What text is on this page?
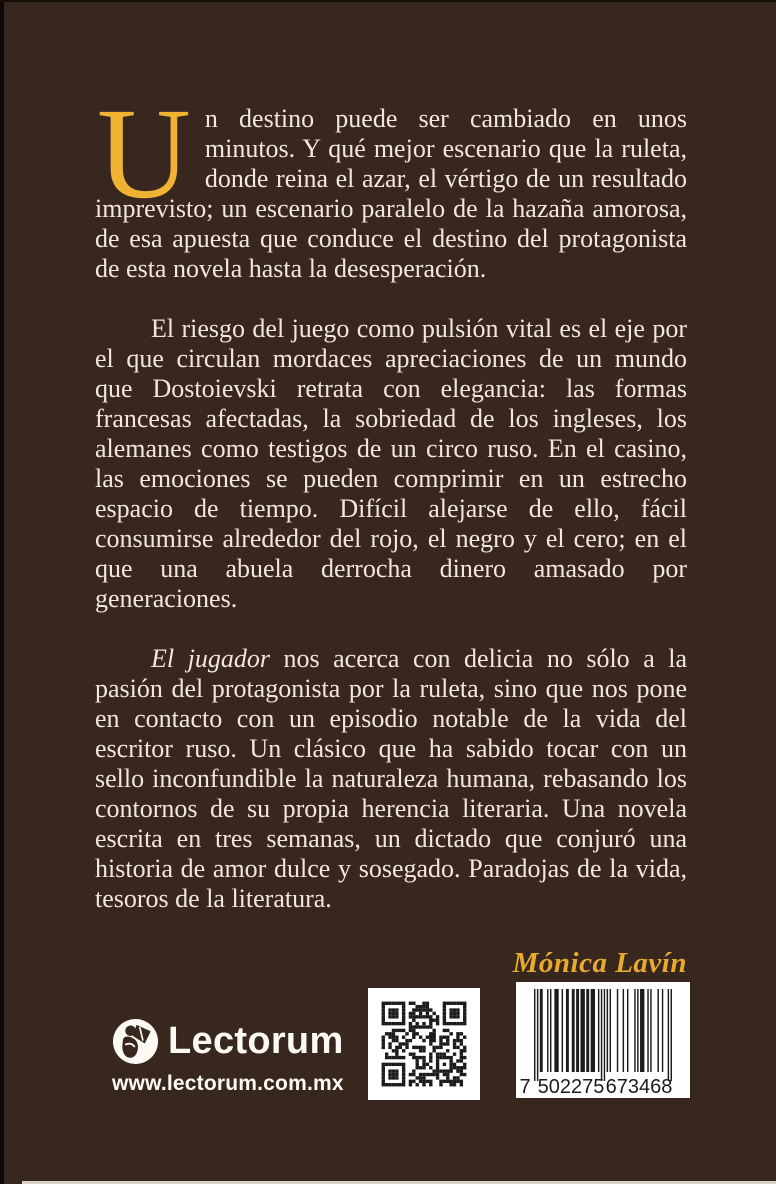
Un destino puede ser cambiado en unos minutos. Y qué mejor escenario que la ruleta, donde reina el azar, el vértigo de un resultado imprevisto; un escenario paralelo de la hazaña amorosa, de esa apuesta que conduce el destino del protagonista de esta novela hasta la desesperación.

El riesgo del juego como pulsión vital es el eje por el que circulan mordaces apreciaciones de un mundo que Dostoievski retrata con elegancia: las formas francesas afectadas, la sobriedad de los ingleses, los alemanes como testigos de un circo ruso. En el casino, las emociones se pueden comprimir en un estrecho espacio de tiempo. Difícil alejarse de ello, fácil consumirse alrededor del rojo, el negro y el cero; en el que una abuela derrocha dinero amasado por generaciones.

El jugador nos acerca con delicia no sólo a la pasión del protagonista por la ruleta, sino que nos pone en contacto con un episodio notable de la vida del escritor ruso. Un clásico que ha sabido tocar con un sello inconfundible la naturaleza humana, rebasando los contornos de su propia herencia literaria. Una novela escrita en tres semanas, un dictado que conjuró una historia de amor dulce y sosegado. Paradojas de la vida, tesoros de la literatura.

Mónica Lavín
Lectorum
www.lectorum.com.mx	7 502275 673468
